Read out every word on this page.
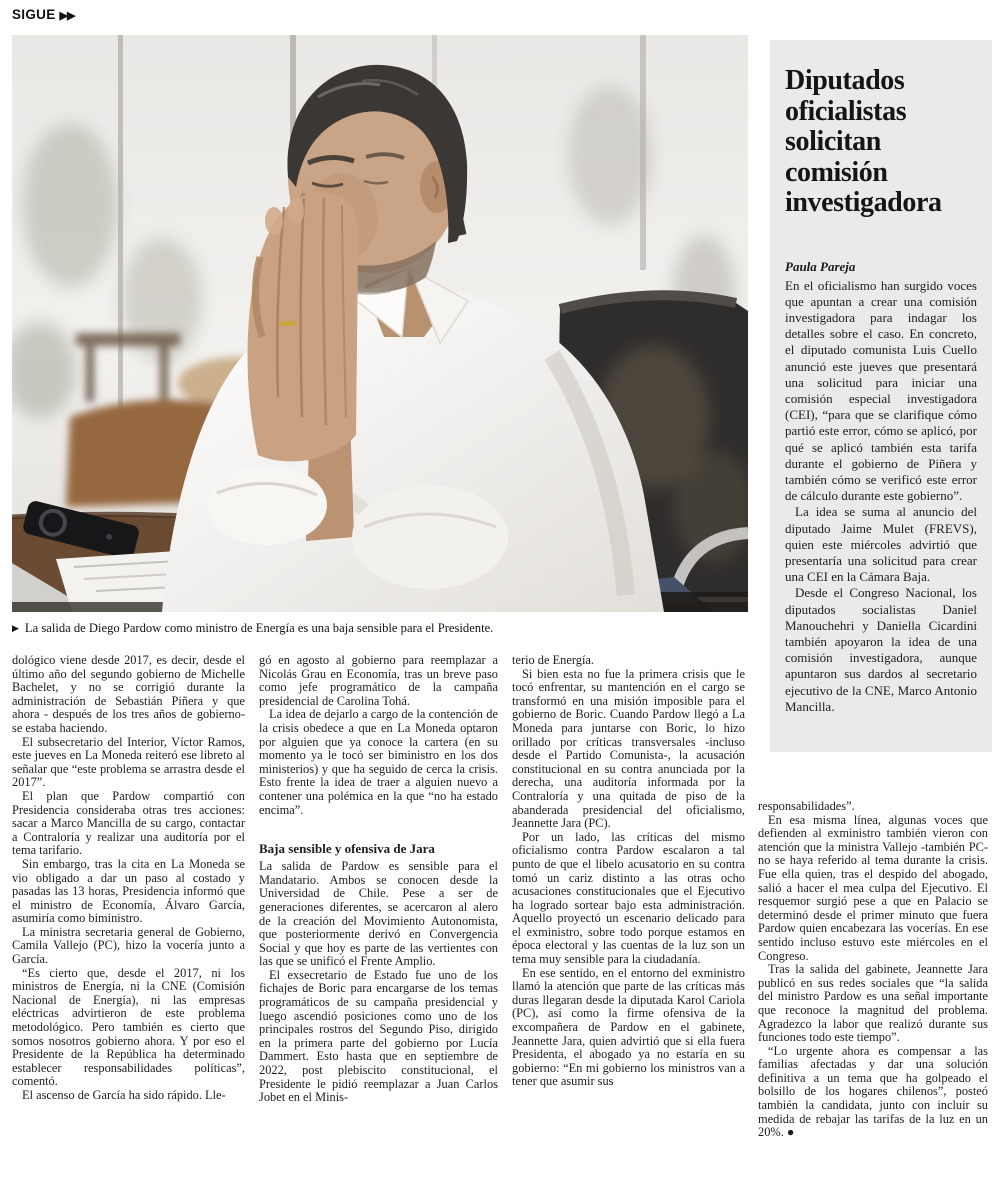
SIGUE ▶▶
▶ La salida de Diego Pardow como ministro de Energía es una baja sensible para el Presidente.

dológico viene desde 2017, es decir, desde el último año del segundo gobierno de Michelle Bachelet, y no se corrigió durante la administración de Sebastián Piñera y que ahora - después de los tres años de gobierno- se estaba haciendo.

El subsecretario del Interior, Víctor Ramos, este jueves en La Moneda reiteró ese libreto al señalar que “este problema se arrastra desde el 2017”.

El plan que Pardow compartió con Presidencia consideraba otras tres acciones: sacar a Marco Mancilla de su cargo, contactar a Contraloría y realizar una auditoría por el tema tarifario.

Sin embargo, tras la cita en La Moneda se vio obligado a dar un paso al costado y pasadas las 13 horas, Presidencia informó que el ministro de Economía, Álvaro García, asumiría como biministro.

La ministra secretaria general de Gobierno, Camila Vallejo (PC), hizo la vocería junto a García.

“Es cierto que, desde el 2017, ni los ministros de Energía, ni la CNE (Comisión Nacional de Energía), ni las empresas eléctricas advirtieron de este problema metodológico. Pero también es cierto que somos nosotros gobierno ahora. Y por eso el Presidente de la República ha determinado establecer responsabilidades políticas”, comentó.

El ascenso de García ha sido rápido. Lle-

gó en agosto al gobierno para reemplazar a Nicolás Grau en Economía, tras un breve paso como jefe programático de la campaña presidencial de Carolina Tohá.

La idea de dejarlo a cargo de la contención de la crisis obedece a que en La Moneda optaron por alguien que ya conoce la cartera (en su momento ya le tocó ser biministro en los dos ministerios) y que ha seguido de cerca la crisis. Esto frente la idea de traer a alguien nuevo a contener una polémica en la que “no ha estado encima”.

Baja sensible y ofensiva de Jara

La salida de Pardow es sensible para el Mandatario. Ambos se conocen desde la Universidad de Chile. Pese a ser de generaciones diferentes, se acercaron al alero de la creación del Movimiento Autonomista, que posteriormente derivó en Convergencia Social y que hoy es parte de las vertientes con las que se unificó el Frente Amplio.

El exsecretario de Estado fue uno de los fichajes de Boric para encargarse de los temas programáticos de su campaña presidencial y luego ascendió posiciones como uno de los principales rostros del Segundo Piso, dirigido en la primera parte del gobierno por Lucía Dammert. Esto hasta que en septiembre de 2022, post plebiscito constitucional, el Presidente le pidió reemplazar a Juan Carlos Jobet en el Minis-

terio de Energía.

Si bien esta no fue la primera crisis que le tocó enfrentar, su mantención en el cargo se transformó en una misión imposible para el gobierno de Boric. Cuando Pardow llegó a La Moneda para juntarse con Boric, lo hizo orillado por críticas transversales -incluso desde el Partido Comunista-, la acusación constitucional en su contra anunciada por la derecha, una auditoría informada por la Contraloría y una quitada de piso de la abanderada presidencial del oficialismo, Jeannette Jara (PC).

Por un lado, las críticas del mismo oficialismo contra Pardow escalaron a tal punto de que el libelo acusatorio en su contra tomó un cariz distinto a las otras ocho acusaciones constitucionales que el Ejecutivo ha logrado sortear bajo esta administración. Aquello proyectó un escenario delicado para el exministro, sobre todo porque estamos en época electoral y las cuentas de la luz son un tema muy sensible para la ciudadanía.

En ese sentido, en el entorno del exministro llamó la atención que parte de las críticas más duras llegaran desde la diputada Karol Cariola (PC), así como la firme ofensiva de la excompañera de Pardow en el gabinete, Jeannette Jara, quien advirtió que si ella fuera Presidenta, el abogado ya no estaría en su gobierno: “En mi gobierno los ministros van a tener que asumir sus

responsabilidades”.

En esa misma línea, algunas voces que defienden al exministro también vieron con atención que la ministra Vallejo -también PC- no se haya referido al tema durante la crisis. Fue ella quien, tras el despido del abogado, salió a hacer el mea culpa del Ejecutivo. El resquemor surgió pese a que en Palacio se determinó desde el primer minuto que fuera Pardow quien encabezara las vocerías. En ese sentido incluso estuvo este miércoles en el Congreso.

Tras la salida del gabinete, Jeannette Jara publicó en sus redes sociales que “la salida del ministro Pardow es una señal importante que reconoce la magnitud del problema. Agradezco la labor que realizó durante sus funciones todo este tiempo”.

“Lo urgente ahora es compensar a las familias afectadas y dar una solución definitiva a un tema que ha golpeado el bolsillo de los hogares chilenos”, posteó también la candidata, junto con incluir su medida de rebajar las tarifas de la luz en un 20%. ●

Diputados oficialistas solicitan comisión investigadora
Paula Pareja

En el oficialismo han surgido voces que apuntan a crear una comisión investigadora para indagar los detalles sobre el caso. En concreto, el diputado comunista Luis Cuello anunció este jueves que presentará una solicitud para iniciar una comisión especial investigadora (CEI), “para que se clarifique cómo partió este error, cómo se aplicó, por qué se aplicó también esta tarifa durante el gobierno de Piñera y también cómo se verificó este error de cálculo durante este gobierno”.

La idea se suma al anuncio del diputado Jaime Mulet (FREVS), quien este miércoles advirtió que presentaría una solicitud para crear una CEI en la Cámara Baja.

Desde el Congreso Nacional, los diputados socialistas Daniel Manouchehri y Daniella Cicardini también apoyaron la idea de una comisión investigadora, aunque apuntaron sus dardos al secretario ejecutivo de la CNE, Marco Antonio Mancilla.
